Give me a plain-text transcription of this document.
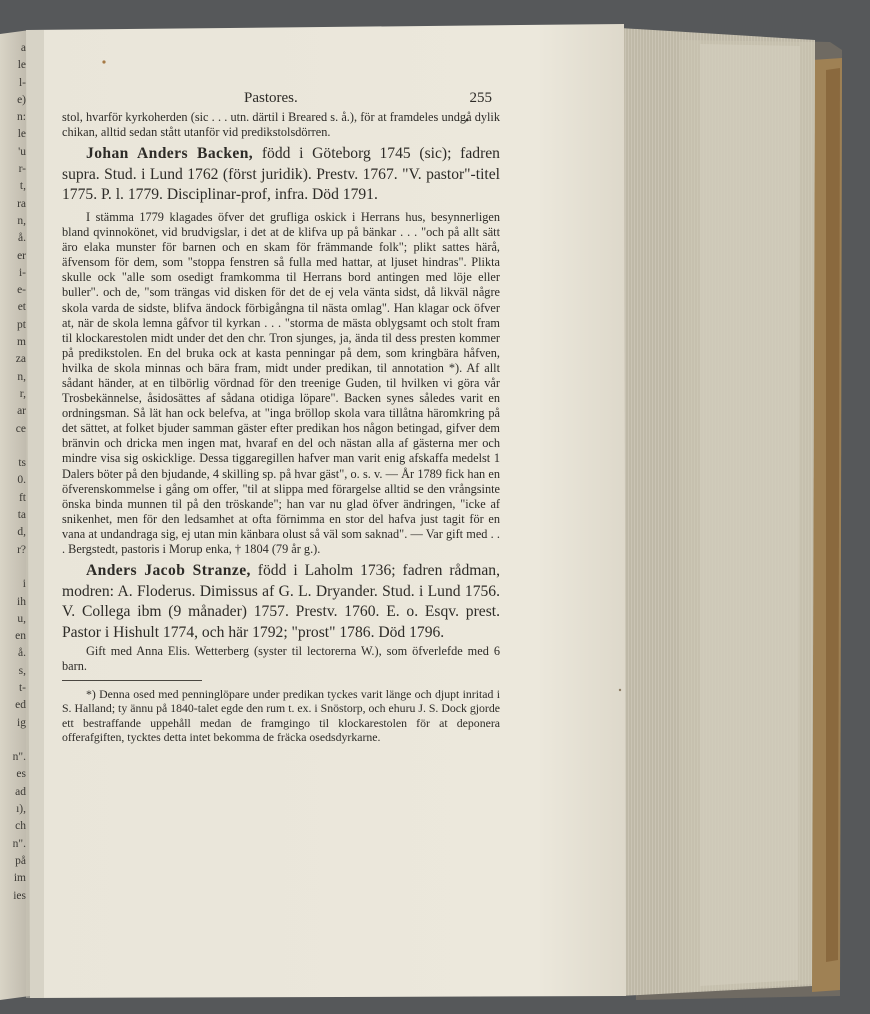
a
le
l-
e)
n:
le
'u
r-
t,
ra
n,
å.
er
i-
e-
et
pt
m
za
n,
r,
ar
ce
ts
0.
ft
ta
d,
r?
i
ih
u,
en
å.
s,
t-
ed
ig
n".
es
ad
ı),
ch
n".
på
im
ies
Pastores.	255

stol, hvarför kyrkoherden (sic . . . utn. därtil i Breared s. å.), för at framdeles undgå dylik chikan, alltid sedan stått utanför vid predikstolsdörren.

Johan Anders Backen, född i Göteborg 1745 (sic); fadren supra. Stud. i Lund 1762 (först juridik). Prestv. 1767. "V. pastor"-titel 1775. P. l. 1779. Disciplinar-prof, infra. Död 1791.

I stämma 1779 klagades öfver det grufliga oskick i Herrans hus, besynnerligen bland qvinnokönet, vid brudvigslar, i det at de klifva up på bänkar . . . "och på allt sätt äro elaka munster för barnen och en skam för främmande folk"; plikt sattes härå, äfvensom för dem, som "stoppa fenstren så fulla med hattar, at ljuset hindras". Plikta skulle ock "alle som osedigt framkomma til Herrans bord antingen med löje eller buller". och de, "som trängas vid disken för det de ej vela vänta sidst, då likväl någre skola varda de sidste, blifva ändock förbigångna til nästa omlag". Han klagar ock öfver at, när de skola lemna gåfvor til kyrkan . . . "storma de mästa oblygsamt och stolt fram til klockarestolen midt under det den chr. Tron sjunges, ja, ända til dess presten kommer på predikstolen. En del bruka ock at kasta penningar på dem, som kringbära håfven, hvilka de skola minnas och bära fram, midt under predikan, til annotation *). Af allt sådant händer, at en tilbörlig vördnad för den treenige Guden, til hvilken vi göra vår Trosbekännelse, åsidosättes af sådana otidiga löpare". Backen synes således varit en ordningsman. Så lät han ock belefva, at "inga bröllop skola vara tillåtna häromkring på det sättet, at folket bjuder samman gäster efter predikan hos någon betingad, gifver dem bränvin och dricka men ingen mat, hvaraf en del och nästan alla af gästerna mer och mindre visa sig oskicklige. Dessa tiggaregillen hafver man varit enig afskaffa medelst 1 Dalers böter på den bjudande, 4 skilling sp. på hvar gäst", o. s. v. — År 1789 fick han en öfverenskommelse i gång om offer, "til at slippa med förargelse alltid se den vrångsinte önska binda munnen til på den tröskande"; han var nu glad öfver ändringen, "icke af snikenhet, men för den ledsamhet at ofta förnimma en stor del hafva just tagit för en vana at undandraga sig, ej utan min känbara olust så väl som saknad". — Var gift med . . . Bergstedt, pastoris i Morup enka, † 1804 (79 år g.).

Anders Jacob Stranze, född i Laholm 1736; fadren rådman, modren: A. Floderus. Dimissus af G. L. Dryander. Stud. i Lund 1756. V. Collega ibm (9 månader) 1757. Prestv. 1760. E. o. Esqv. prest. Pastor i Hishult 1774, och här 1792; "prost" 1786. Död 1796.

Gift med Anna Elis. Wetterberg (syster til lectorerna W.), som öfverlefde med 6 barn.

*) Denna osed med penninglöpare under predikan tyckes varit länge och djupt inritad i S. Halland; ty ännu på 1840-talet egde den rum t. ex. i Snöstorp, och ehuru J. S. Dock gjorde ett bestraffande uppehåll medan de framgingo til klockarestolen för at deponera offerafgiften, tycktes detta intet bekomma de fräcka osedsdyrkarne.
